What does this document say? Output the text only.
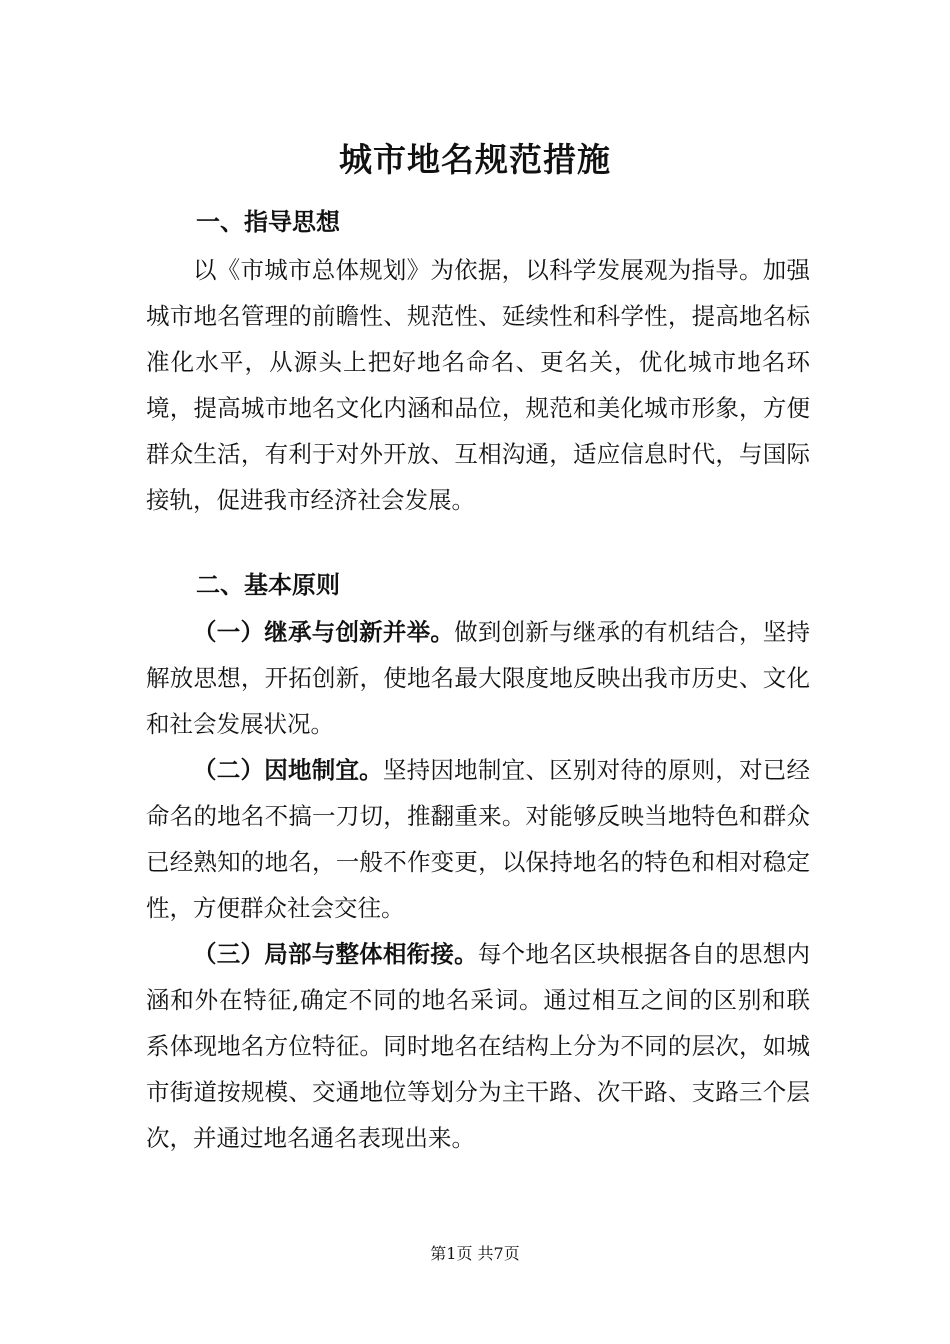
城市地名规范措施
一、指导思想
以《市城市总体规划》为依据，以科学发展观为指导。加强城市地名管理的前瞻性、规范性、延续性和科学性，提高地名标准化水平，从源头上把好地名命名、更名关，优化城市地名环境，提高城市地名文化内涵和品位，规范和美化城市形象，方便群众生活，有利于对外开放、互相沟通，适应信息时代，与国际接轨，促进我市经济社会发展。
二、基本原则
（一）继承与创新并举。做到创新与继承的有机结合，坚持解放思想，开拓创新，使地名最大限度地反映出我市历史、文化和社会发展状况。
（二）因地制宜。坚持因地制宜、区别对待的原则，对已经命名的地名不搞一刀切，推翻重来。对能够反映当地特色和群众已经熟知的地名，一般不作变更，以保持地名的特色和相对稳定性，方便群众社会交往。
（三）局部与整体相衔接。每个地名区块根据各自的思想内涵和外在特征,确定不同的地名采词。通过相互之间的区别和联系体现地名方位特征。同时地名在结构上分为不同的层次，如城市街道按规模、交通地位等划分为主干路、次干路、支路三个层次，并通过地名通名表现出来。
第1页 共7页
